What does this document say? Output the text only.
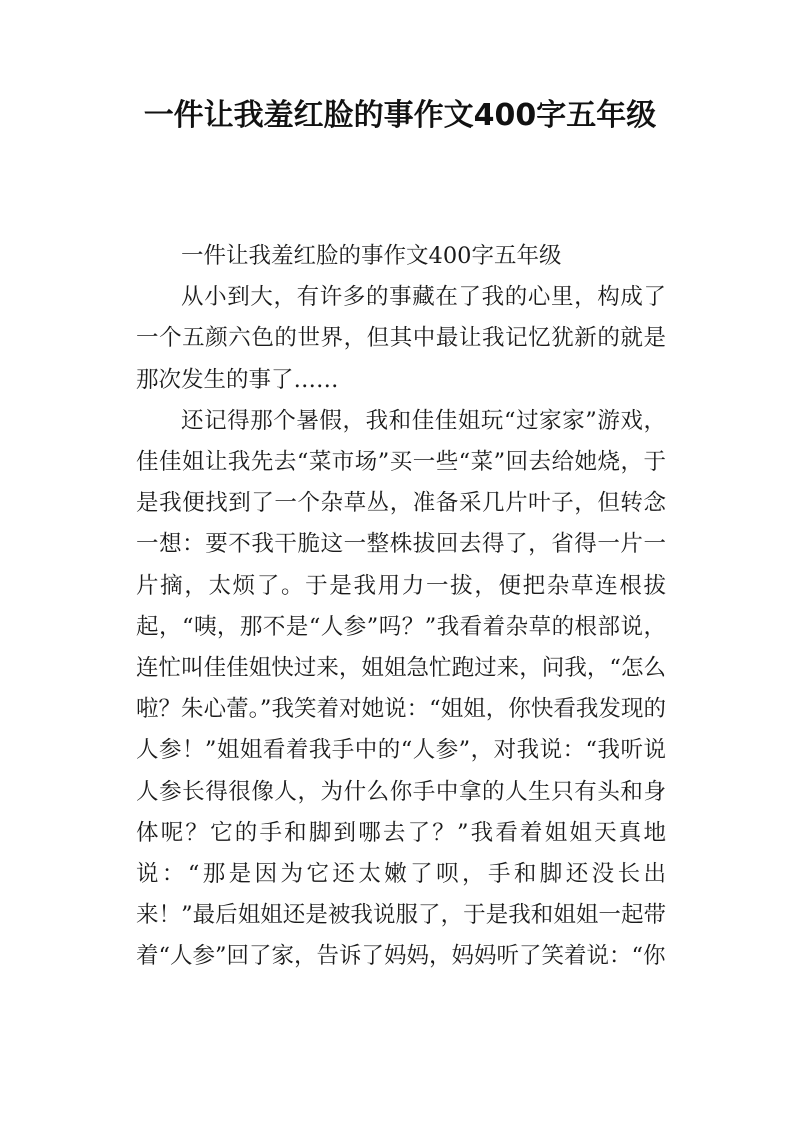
一件让我羞红脸的事作文400字五年级

一件让我羞红脸的事作文400字五年级

从小到大，有许多的事藏在了我的心里，构成了一个五颜六色的世界，但其中最让我记忆犹新的就是那次发生的事了……

还记得那个暑假，我和佳佳姐玩“过家家”游戏，佳佳姐让我先去“菜市场”买一些“菜”回去给她烧，于是我便找到了一个杂草丛，准备采几片叶子，但转念一想：要不我干脆这一整株拔回去得了，省得一片一片摘，太烦了。于是我用力一拔，便把杂草连根拔起，“咦，那不是“人参”吗？”我看着杂草的根部说，连忙叫佳佳姐快过来，姐姐急忙跑过来，问我，“怎么啦？朱心蕾。”我笑着对她说：“姐姐，你快看我发现的人参！”姐姐看着我手中的“人参”，对我说：“我听说人参长得很像人，为什么你手中拿的人生只有头和身体呢？它的手和脚到哪去了？”我看着姐姐天真地说：“那是因为它还太嫩了呗，手和脚还没长出来！”最后姐姐还是被我说服了，于是我和姐姐一起带着“人参”回了家，告诉了妈妈，妈妈听了笑着说：“你
